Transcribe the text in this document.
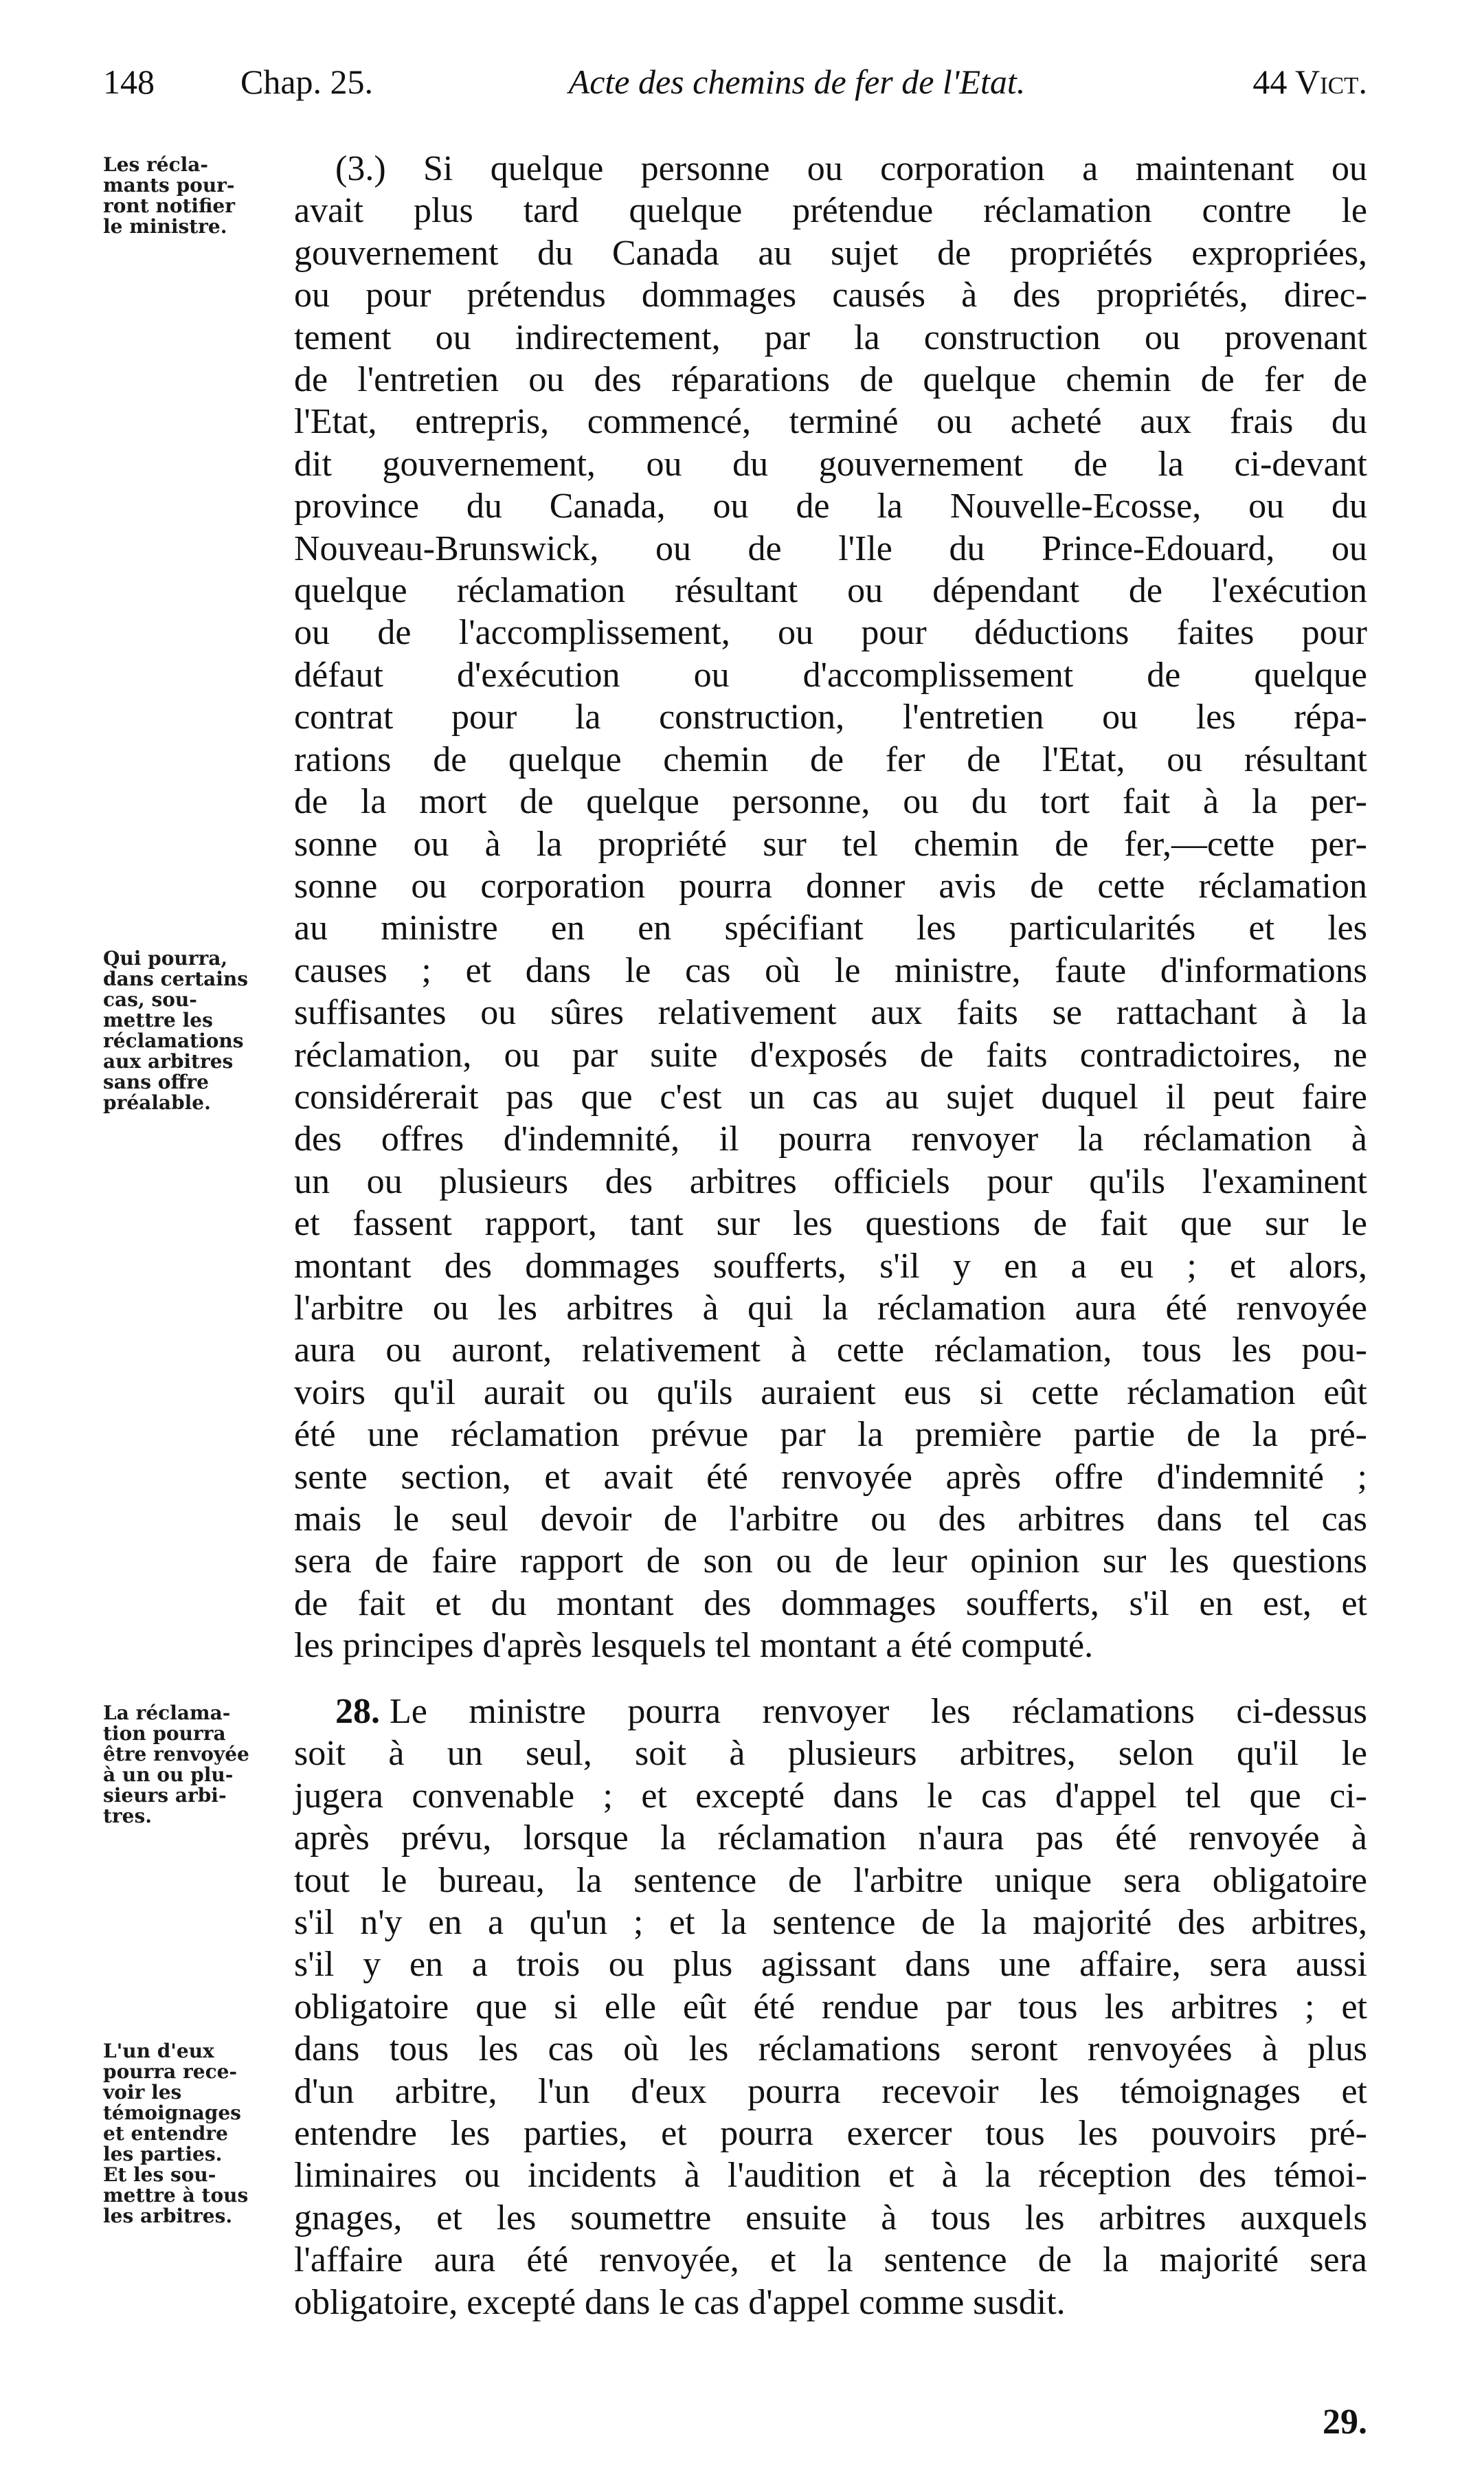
148	Chap. 25.	Acte des chemins de fer de l'Etat.	44 Vict.
Les récla-
mants pour-
ront notifier
le ministre.
Qui pourra,
dans certains
cas, sou-
mettre les
réclamations
aux arbitres
sans offre
préalable.
La réclama-
tion pourra
être renvoyée
à un ou plu-
sieurs arbi-
tres.
L'un d'eux
pourra rece-
voir les
témoignages
et entendre
les parties.
Et les sou-
mettre à tous
les arbitres.
(3.) Si quelque personne ou corporation a maintenant ou
avait plus tard quelque prétendue réclamation contre le
gouvernement du Canada au sujet de propriétés expropriées,
ou pour prétendus dommages causés à des propriétés, direc-
tement ou indirectement, par la construction ou provenant
de l'entretien ou des réparations de quelque chemin de fer de
l'Etat, entrepris, commencé, terminé ou acheté aux frais du
dit gouvernement, ou du gouvernement de la ci-devant
province du Canada, ou de la Nouvelle-Ecosse, ou du
Nouveau-Brunswick, ou de l'Ile du Prince-Edouard, ou
quelque réclamation résultant ou dépendant de l'exécution
ou de l'accomplissement, ou pour déductions faites pour
défaut d'exécution ou d'accomplissement de quelque
contrat pour la construction, l'entretien ou les répa-
rations de quelque chemin de fer de l'Etat, ou résultant
de la mort de quelque personne, ou du tort fait à la per-
sonne ou à la propriété sur tel chemin de fer,—cette per-
sonne ou corporation pourra donner avis de cette réclamation
au ministre en en spécifiant les particularités et les
causes ; et dans le cas où le ministre, faute d'informations
suffisantes ou sûres relativement aux faits se rattachant à la
réclamation, ou par suite d'exposés de faits contradictoires, ne
considérerait pas que c'est un cas au sujet duquel il peut faire
des offres d'indemnité, il pourra renvoyer la réclamation à
un ou plusieurs des arbitres officiels pour qu'ils l'examinent
et fassent rapport, tant sur les questions de fait que sur le
montant des dommages soufferts, s'il y en a eu ; et alors,
l'arbitre ou les arbitres à qui la réclamation aura été renvoyée
aura ou auront, relativement à cette réclamation, tous les pou-
voirs qu'il aurait ou qu'ils auraient eus si cette réclamation eût
été une réclamation prévue par la première partie de la pré-
sente section, et avait été renvoyée après offre d'indemnité ;
mais le seul devoir de l'arbitre ou des arbitres dans tel cas
sera de faire rapport de son ou de leur opinion sur les questions
de fait et du montant des dommages soufferts, s'il en est, et
les principes d'après lesquels tel montant a été computé.
28. Le ministre pourra renvoyer les réclamations ci-dessus
soit à un seul, soit à plusieurs arbitres, selon qu'il le
jugera convenable ; et excepté dans le cas d'appel tel que ci-
après prévu, lorsque la réclamation n'aura pas été renvoyée à
tout le bureau, la sentence de l'arbitre unique sera obligatoire
s'il n'y en a qu'un ; et la sentence de la majorité des arbitres,
s'il y en a trois ou plus agissant dans une affaire, sera aussi
obligatoire que si elle eût été rendue par tous les arbitres ; et
dans tous les cas où les réclamations seront renvoyées à plus
d'un arbitre, l'un d'eux pourra recevoir les témoignages et
entendre les parties, et pourra exercer tous les pouvoirs pré-
liminaires ou incidents à l'audition et à la réception des témoi-
gnages, et les soumettre ensuite à tous les arbitres auxquels
l'affaire aura été renvoyée, et la sentence de la majorité sera
obligatoire, excepté dans le cas d'appel comme susdit.
29.
